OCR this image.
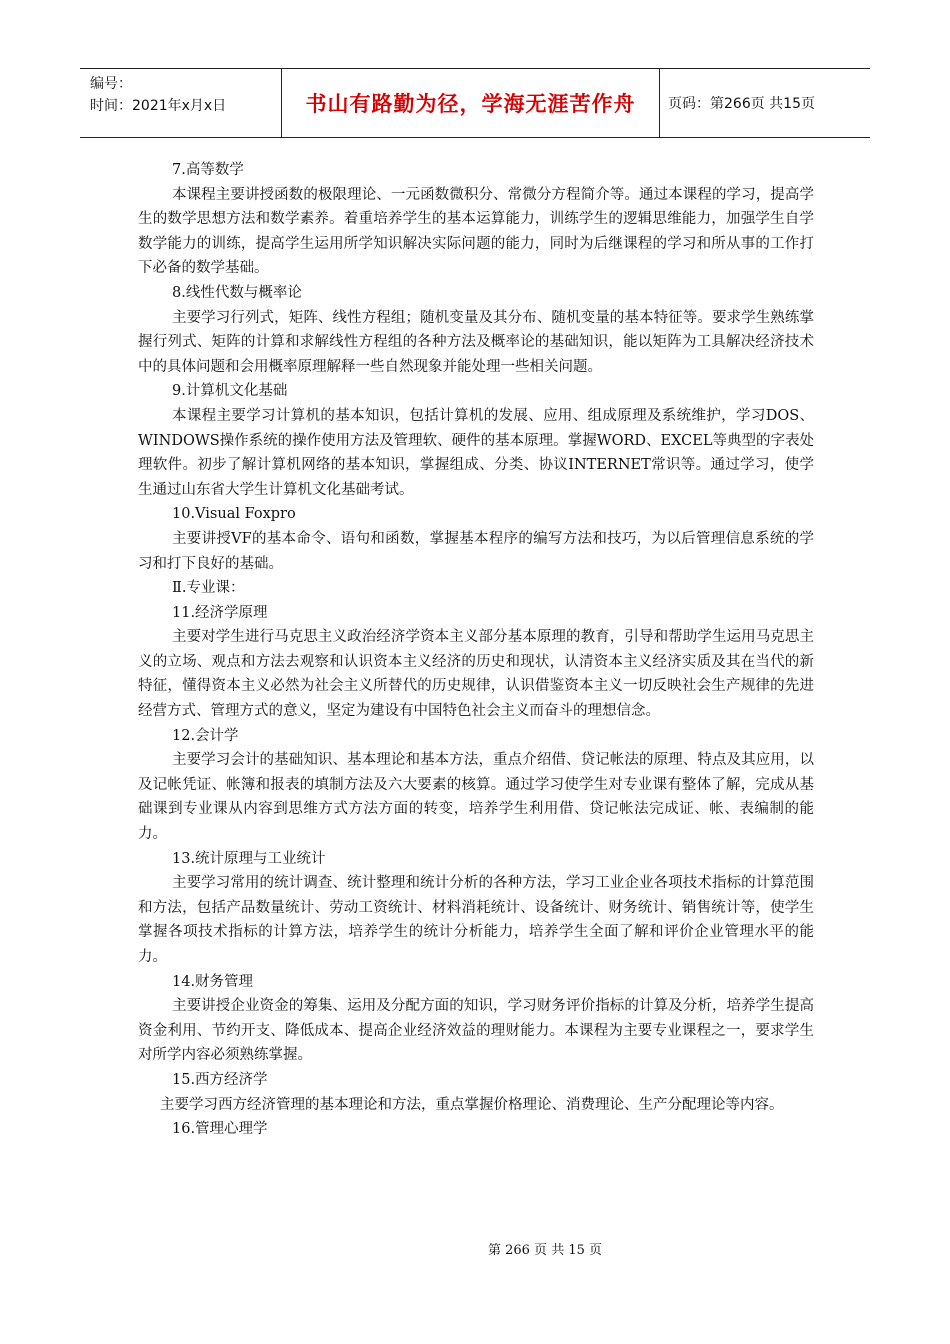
编号：
时间：2021年x月x日	书山有路勤为径，学海无涯苦作舟 页码：第266页 共15页

7.高等数学

本课程主要讲授函数的极限理论、一元函数微积分、常微分方程简介等。通过本课程的学习，提高学生的数学思想方法和数学素养。着重培养学生的基本运算能力，训练学生的逻辑思维能力，加强学生自学数学能力的训练，提高学生运用所学知识解决实际问题的能力，同时为后继课程的学习和所从事的工作打下必备的数学基础。

8.线性代数与概率论

主要学习行列式，矩阵、线性方程组；随机变量及其分布、随机变量的基本特征等。要求学生熟练掌握行列式、矩阵的计算和求解线性方程组的各种方法及概率论的基础知识，能以矩阵为工具解决经济技术中的具体问题和会用概率原理解释一些自然现象并能处理一些相关问题。

9.计算机文化基础

本课程主要学习计算机的基本知识，包括计算机的发展、应用、组成原理及系统维护，学习DOS、WINDOWS操作系统的操作使用方法及管理软、硬件的基本原理。掌握WORD、EXCEL等典型的字表处理软件。初步了解计算机网络的基本知识，掌握组成、分类、协议INTERNET常识等。通过学习，使学生通过山东省大学生计算机文化基础考试。

10.Visual Foxpro

主要讲授VF的基本命令、语句和函数，掌握基本程序的编写方法和技巧，为以后管理信息系统的学习和打下良好的基础。

Ⅱ.专业课：

11.经济学原理

主要对学生进行马克思主义政治经济学资本主义部分基本原理的教育，引导和帮助学生运用马克思主义的立场、观点和方法去观察和认识资本主义经济的历史和现状，认清资本主义经济实质及其在当代的新特征，懂得资本主义必然为社会主义所替代的历史规律，认识借鉴资本主义一切反映社会生产规律的先进经营方式、管理方式的意义，坚定为建设有中国特色社会主义而奋斗的理想信念。

12.会计学

主要学习会计的基础知识、基本理论和基本方法，重点介绍借、贷记帐法的原理、特点及其应用，以及记帐凭证、帐簿和报表的填制方法及六大要素的核算。通过学习使学生对专业课有整体了解，完成从基础课到专业课从内容到思维方式方法方面的转变，培养学生利用借、贷记帐法完成证、帐、表编制的能力。

13.统计原理与工业统计

主要学习常用的统计调查、统计整理和统计分析的各种方法，学习工业企业各项技术指标的计算范围和方法，包括产品数量统计、劳动工资统计、材料消耗统计、设备统计、财务统计、销售统计等，使学生掌握各项技术指标的计算方法，培养学生的统计分析能力，培养学生全面了解和评价企业管理水平的能力。

14.财务管理

主要讲授企业资金的筹集、运用及分配方面的知识，学习财务评价指标的计算及分析，培养学生提高资金利用、节约开支、降低成本、提高企业经济效益的理财能力。本课程为主要专业课程之一，要求学生对所学内容必须熟练掌握。

15.西方经济学

主要学习西方经济管理的基本理论和方法，重点掌握价格理论、消费理论、生产分配理论等内容。

16.管理心理学

第 266 页 共 15 页
